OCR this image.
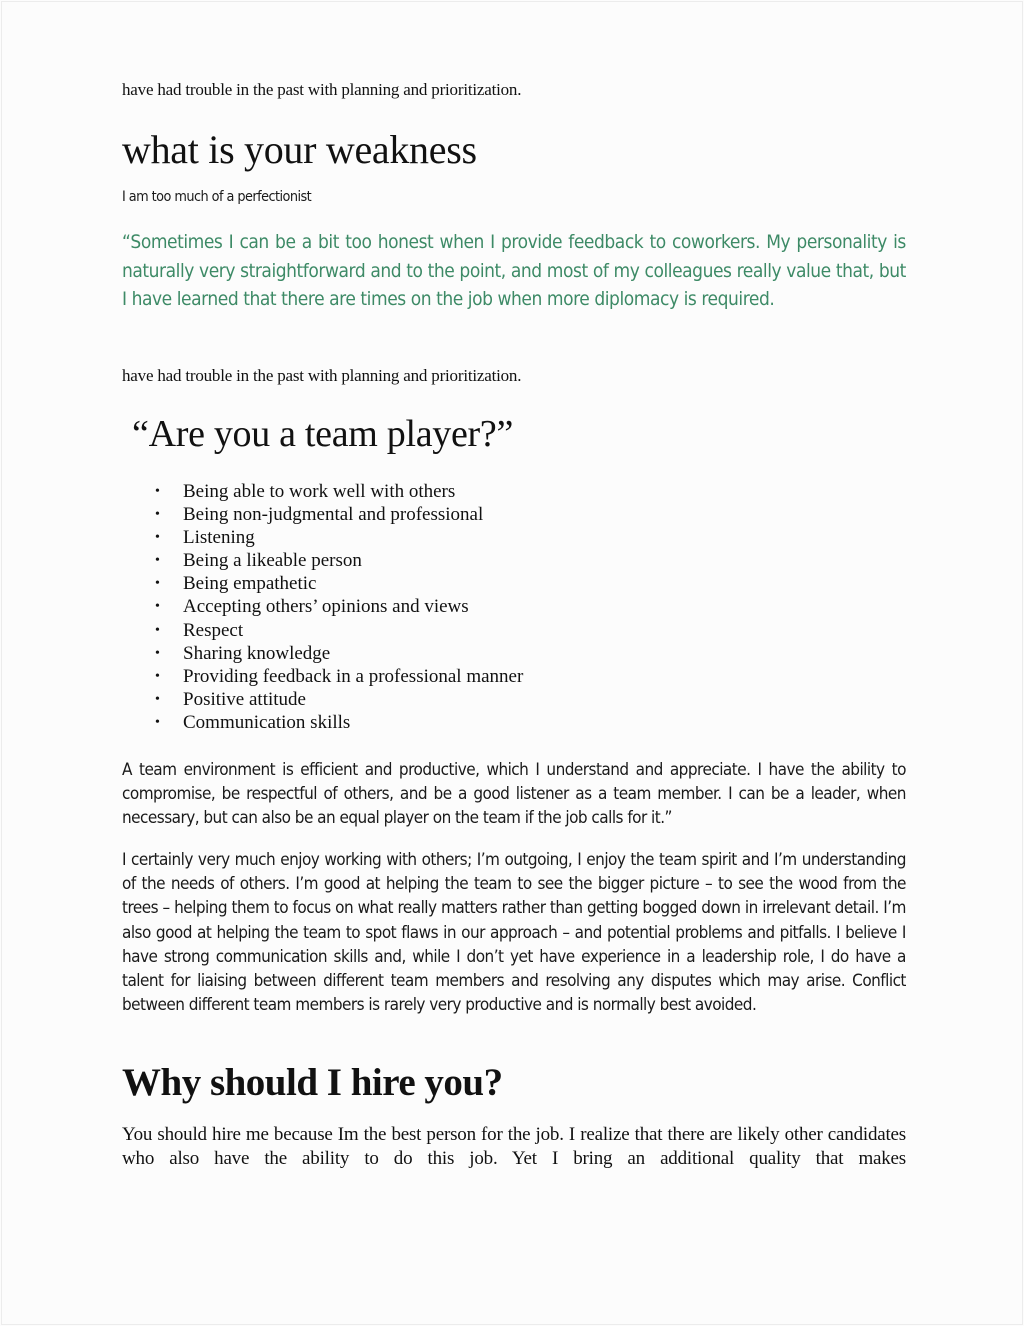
have had trouble in the past with planning and prioritization.

what is your weakness

I am too much of a perfectionist

“Sometimes I can be a bit too honest when I provide feedback to coworkers. My personality is naturally very straightforward and to the point, and most of my colleagues really value that, but I have learned that there are times on the job when more diplomacy is required.

have had trouble in the past with planning and prioritization.

“Are you a team player?”
• Being able to work well with others
• Being non-judgmental and professional
• Listening
• Being a likeable person
• Being empathetic
• Accepting others’ opinions and views
• Respect
• Sharing knowledge
• Providing feedback in a professional manner
• Positive attitude
• Communication skills

A team environment is efficient and productive, which I understand and appreciate. I have the ability to compromise, be respectful of others, and be a good listener as a team member. I can be a leader, when necessary, but can also be an equal player on the team if the job calls for it.”

I certainly very much enjoy working with others; I’m outgoing, I enjoy the team spirit and I’m understanding of the needs of others. I’m good at helping the team to see the bigger picture – to see the wood from the trees – helping them to focus on what really matters rather than getting bogged down in irrelevant detail. I’m also good at helping the team to spot flaws in our approach – and potential problems and pitfalls. I believe I have strong communication skills and, while I don’t yet have experience in a leadership role, I do have a talent for liaising between different team members and resolving any disputes which may arise. Conflict between different team members is rarely very productive and is normally best avoided.

Why should I hire you?

You should hire me because Im the best person for the job. I realize that there are likely other candidates who also have the ability to do this job. Yet I bring an additional quality that makes
